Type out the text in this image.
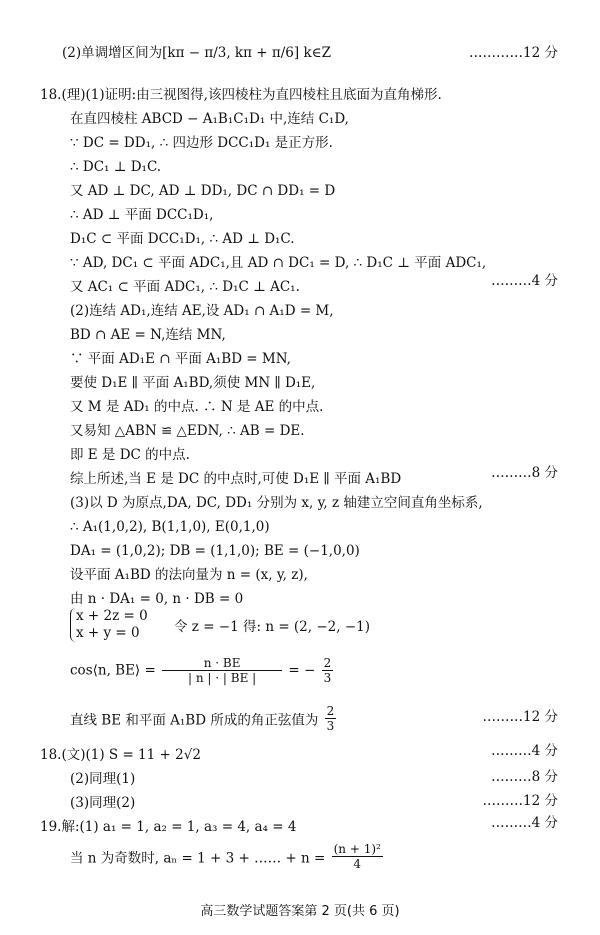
(2)单调增区间为[kπ − π/3, kπ + π/6] k∈Z	…………12 分
18.(理)(1)证明:由三视图得,该四棱柱为直四棱柱且底面为直角梯形.
在直四棱柱 ABCD − A₁B₁C₁D₁ 中,连结 C₁D,
∵ DC = DD₁, ∴ 四边形 DCC₁D₁ 是正方形.
∴ DC₁ ⊥ D₁C.
又 AD ⊥ DC, AD ⊥ DD₁, DC ∩ DD₁ = D
∴ AD ⊥ 平面 DCC₁D₁,
D₁C ⊂ 平面 DCC₁D₁, ∴ AD ⊥ D₁C.
∵ AD, DC₁ ⊂ 平面 ADC₁,且 AD ∩ DC₁ = D, ∴ D₁C ⊥ 平面 ADC₁,
又 AC₁ ⊂ 平面 ADC₁, ∴ D₁C ⊥ AC₁.	………4 分
(2)连结 AD₁,连结 AE,设 AD₁ ∩ A₁D = M,
BD ∩ AE = N,连结 MN,
∵ 平面 AD₁E ∩ 平面 A₁BD = MN,
要使 D₁E ∥ 平面 A₁BD,须使 MN ∥ D₁E,
又 M 是 AD₁ 的中点. ∴ N 是 AE 的中点.
又易知 △ABN ≌ △EDN, ∴ AB = DE.
即 E 是 DC 的中点.
综上所述,当 E 是 DC 的中点时,可使 D₁E ∥ 平面 A₁BD	………8 分
(3)以 D 为原点,DA, DC, DD₁ 分别为 x, y, z 轴建立空间直角坐标系,
∴ A₁(1,0,2), B(1,1,0), E(0,1,0)
DA₁ = (1,0,2); DB = (1,1,0); BE = (−1,0,0)
设平面 A₁BD 的法向量为 n = (x, y, z),
由 n · DA₁ = 0, n · DB = 0
x + 2z = 0
x + y = 0	令 z = −1 得: n = (2, −2, −1)
cos⟨n, BE⟩ = $\frac{n \cdot BE}{| n | \cdot | BE |}$ = − $\frac{2}{3}$
直线 BE 和平面 A₁BD 所成的角正弦值为 $\frac{2}{3}$	………12 分
18.(文)(1) S = 11 + 2√2	………4 分
(2)同理(1)	………8 分
(3)同理(2)	………12 分
19.解:(1) a₁ = 1, a₂ = 1, a₃ = 4, a₄ = 4	………4 分
当 n 为奇数时, aₙ = 1 + 3 + …… + $n = \frac{\text{(n + 1)²}}{4}$
高三数学试题答案第 2 页(共 6 页)
